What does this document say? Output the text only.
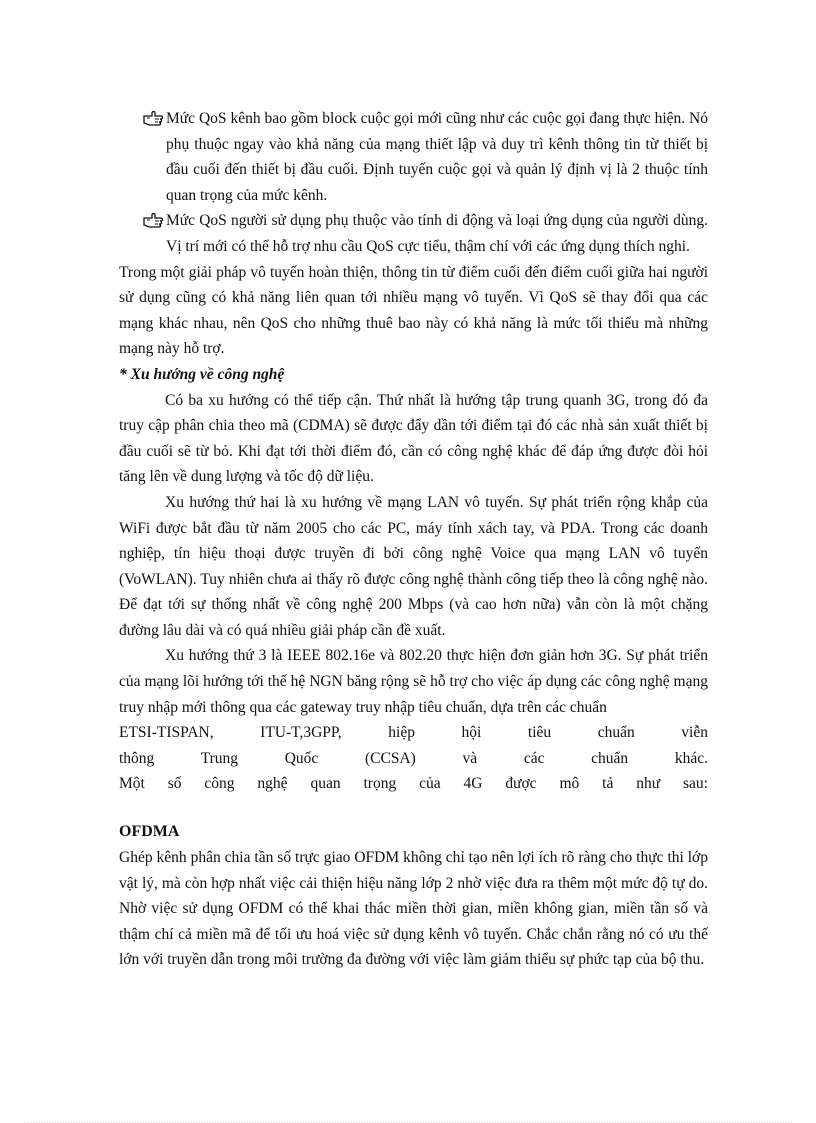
Mức QoS kênh bao gồm block cuộc gọi mới cũng như các cuộc gọi đang thực hiện. Nó phụ thuộc ngay vào khả năng của mạng thiết lập và duy trì kênh thông tin từ thiết bị đầu cuối đến thiết bị đầu cuối. Định tuyến cuộc gọi và quản lý định vị là 2 thuộc tính quan trọng của mức kênh.

Mức QoS người sử dụng phụ thuộc vào tính di động và loại ứng dụng của người dùng. Vị trí mới có thể hỗ trợ nhu cầu QoS cực tiểu, thậm chí với các ứng dụng thích nghi.

Trong một giải pháp vô tuyến hoàn thiện, thông tin từ điểm cuối đến điểm cuối giữa hai người sử dụng cũng có khả năng liên quan tới nhiều mạng vô tuyến. Vì QoS sẽ thay đổi qua các mạng khác nhau, nên QoS cho những thuê bao này có khả năng là mức tối thiểu mà những mạng này hỗ trợ.

* Xu hướng về công nghệ

Có ba xu hướng có thể tiếp cận. Thứ nhất là hướng tập trung quanh 3G, trong đó đa truy cập phân chia theo mã (CDMA) sẽ được đẩy dần tới điểm tại đó các nhà sản xuất thiết bị đầu cuối sẽ từ bỏ. Khi đạt tới thời điểm đó, cần có công nghệ khác để đáp ứng được đòi hỏi tăng lên về dung lượng và tốc độ dữ liệu.

Xu hướng thứ hai là xu hướng về mạng LAN vô tuyến. Sự phát triển rộng khắp của WiFi được bắt đầu từ năm 2005 cho các PC, máy tính xách tay, và PDA. Trong các doanh nghiệp, tín hiệu thoại được truyền đi bởi công nghệ Voice qua mạng LAN vô tuyến (VoWLAN). Tuy nhiên chưa ai thấy rõ được công nghệ thành công tiếp theo là công nghệ nào. Để đạt tới sự thống nhất về công nghệ 200 Mbps (và cao hơn nữa) vẫn còn là một chặng đường lâu dài và có quá nhiều giải pháp cần đề xuất.

Xu hướng thứ 3 là IEEE 802.16e và 802.20 thực hiện đơn giản hơn 3G. Sự phát triển của mạng lõi hướng tới thế hệ NGN băng rộng sẽ hỗ trợ cho việc áp dụng các công nghệ mạng truy nhập mới thông qua các gateway truy nhập tiêu chuẩn, dựa trên các chuẩn

ETSI-TISPAN, ITU-T,3GPP, hiệp hội tiêu chuẩn viễn

thông Trung Quốc (CCSA) và các chuẩn khác.

Một số công nghệ quan trọng của 4G được mô tả như sau:

OFDMA

Ghép kênh phân chia tần số trực giao OFDM không chỉ tạo nên lợi ích rõ ràng cho thực thi lớp vật lý, mà còn hợp nhất việc cải thiện hiệu năng lớp 2 nhờ việc đưa ra thêm một mức độ tự do. Nhờ việc sử dụng OFDM có thể khai thác miền thời gian, miền không gian, miền tần số và thậm chí cả miền mã để tối ưu hoá việc sử dụng kênh vô tuyến. Chắc chắn rằng nó có ưu thế lớn với truyền dẫn trong môi trường đa đường với việc làm giảm thiểu sự phức tạp của bộ thu.
